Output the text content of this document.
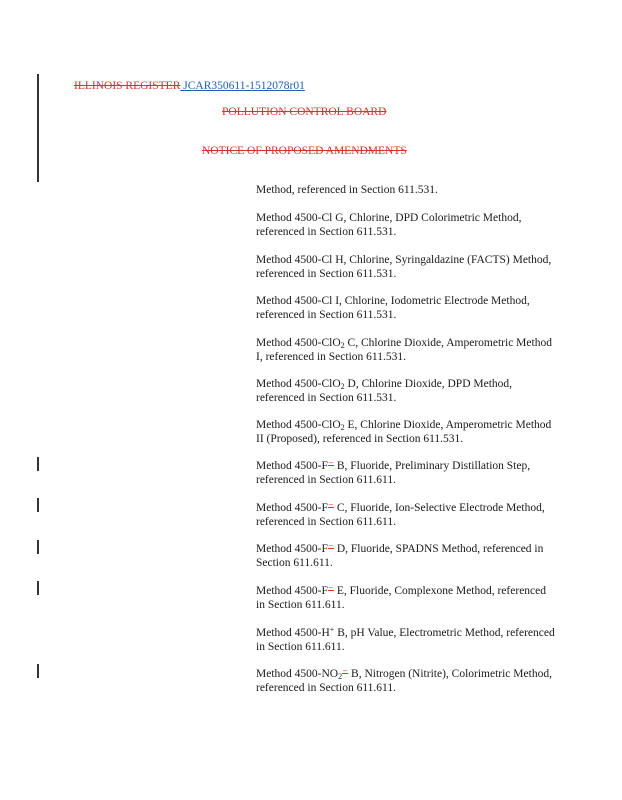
ILLINOIS REGISTER JCAR350611-1512078r01
POLLUTION CONTROL BOARD
NOTICE OF PROPOSED AMENDMENTS
Method, referenced in Section 611.531.
Method 4500-Cl G, Chlorine, DPD Colorimetric Method, referenced in Section 611.531.
Method 4500-Cl H, Chlorine, Syringaldazine (FACTS) Method, referenced in Section 611.531.
Method 4500-Cl I, Chlorine, Iodometric Electrode Method, referenced in Section 611.531.
Method 4500-ClO$_2$ C, Chlorine Dioxide, Amperometric Method I, referenced in Section 611.531.
Method 4500-ClO$_2$ D, Chlorine Dioxide, DPD Method, referenced in Section 611.531.
Method 4500-ClO$_2$ E, Chlorine Dioxide, Amperometric Method II (Proposed), referenced in Section 611.531.
Method 4500-F⁻ B, Fluoride, Preliminary Distillation Step, referenced in Section 611.611.
Method 4500-F⁻ C, Fluoride, Ion-Selective Electrode Method, referenced in Section 611.611.
Method 4500-F⁻ D, Fluoride, SPADNS Method, referenced in Section 611.611.
Method 4500-F⁻ E, Fluoride, Complexone Method, referenced in Section 611.611.
Method 4500-H+ B, pH Value, Electrometric Method, referenced in Section 611.611.
Method $4500-NO_2^-$ B, Nitrogen (Nitrite), Colorimetric Method, referenced in Section 611.611.
